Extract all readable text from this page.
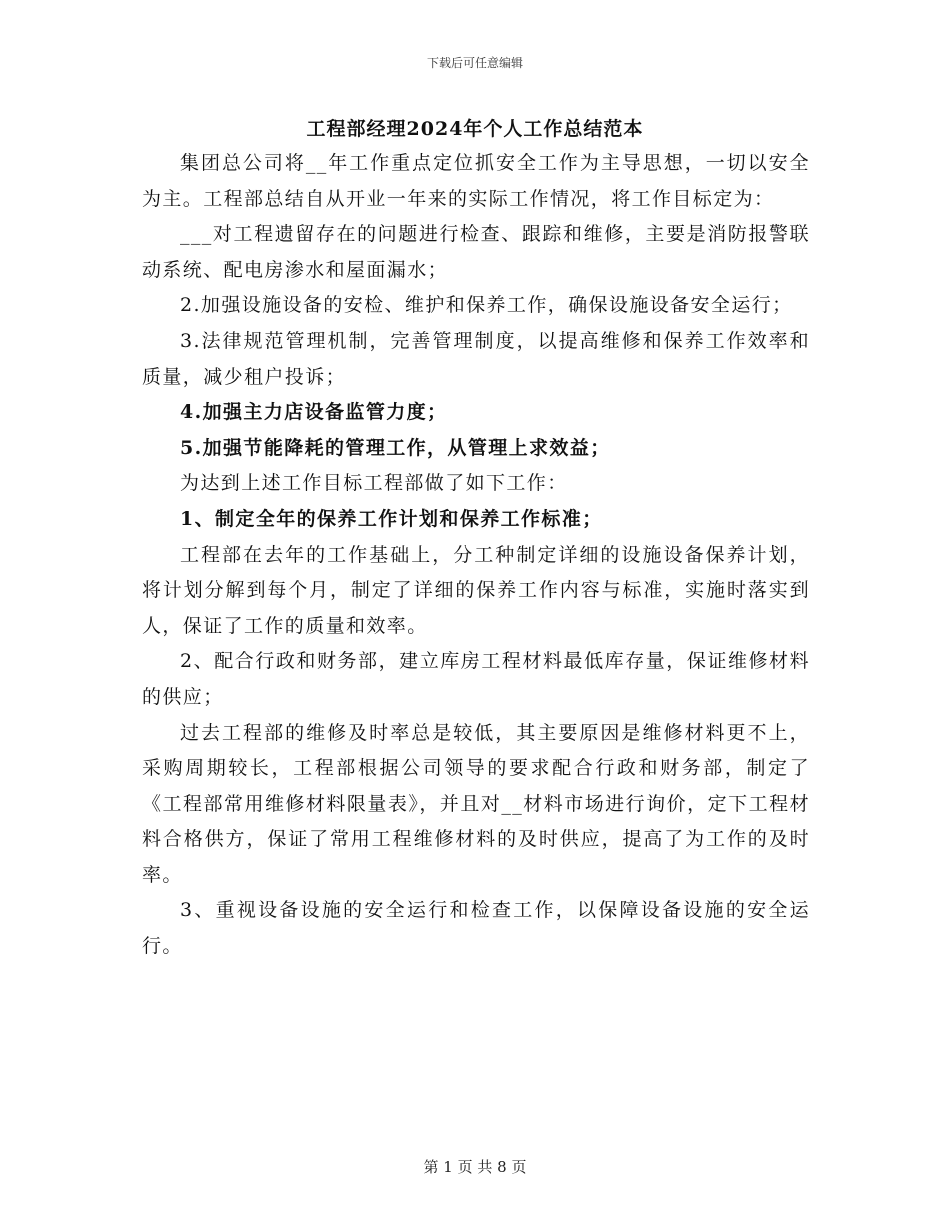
下载后可任意编辑
工程部经理2024年个人工作总结范本

集团总公司将__年工作重点定位抓安全工作为主导思想，一切以安全为主。工程部总结自从开业一年来的实际工作情况，将工作目标定为：

___对工程遗留存在的问题进行检查、跟踪和维修，主要是消防报警联动系统、配电房渗水和屋面漏水；

2.加强设施设备的安检、维护和保养工作，确保设施设备安全运行；

3.法律规范管理机制，完善管理制度，以提高维修和保养工作效率和质量，减少租户投诉；

4.加强主力店设备监管力度；

5.加强节能降耗的管理工作，从管理上求效益；

为达到上述工作目标工程部做了如下工作：

1、制定全年的保养工作计划和保养工作标准；

工程部在去年的工作基础上，分工种制定详细的设施设备保养计划，将计划分解到每个月，制定了详细的保养工作内容与标准，实施时落实到人，保证了工作的质量和效率。

2、配合行政和财务部，建立库房工程材料最低库存量，保证维修材料的供应；

过去工程部的维修及时率总是较低，其主要原因是维修材料更不上，采购周期较长，工程部根据公司领导的要求配合行政和财务部，制定了《工程部常用维修材料限量表》，并且对__材料市场进行询价，定下工程材料合格供方，保证了常用工程维修材料的及时供应，提高了为工作的及时率。

3、重视设备设施的安全运行和检查工作，以保障设备设施的安全运行。

第 1 页 共 8 页
